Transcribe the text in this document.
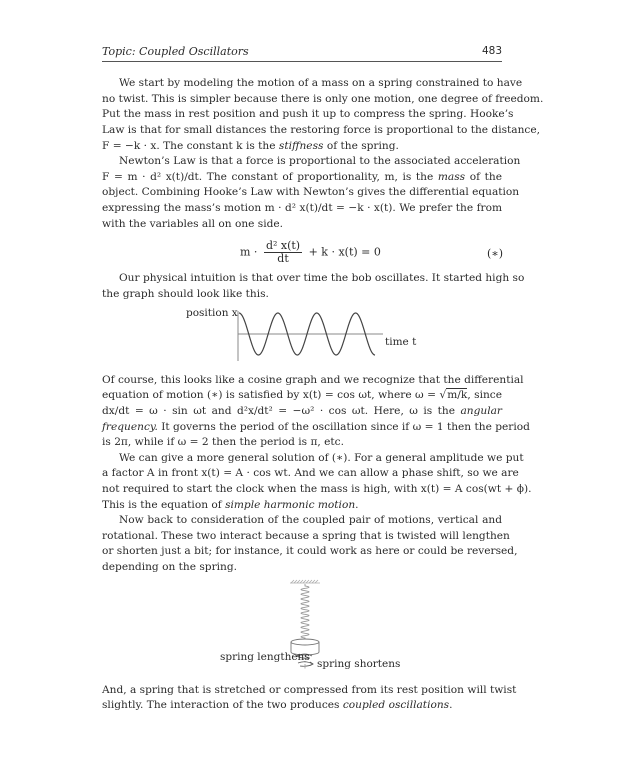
Topic: Coupled Oscillators	483
We start by modeling the motion of a mass on a spring constrained to have
no twist. This is simpler because there is only one motion, one degree of freedom.
Put the mass in rest position and push it up to compress the spring. Hooke’s
Law is that for small distances the restoring force is proportional to the distance,
F = −k · x. The constant k is the stiffness of the spring.
Newton’s Law is that a force is proportional to the associated acceleration
F = m · d² x(t)/dt. The constant of proportionality, m, is the mass of the
object. Combining Hooke’s Law with Newton’s gives the differential equation
expressing the mass’s motion m · d² x(t)/dt = −k · x(t). We prefer the from
with the variables all on one side.
$m \cdot \frac{\text{d² x(t)}}{dt} + k \cdot x(t) = 0$	(∗)
Our physical intuition is that over time the bob oscillates. It started high so
the graph should look like this.
position x
time t
Of course, this looks like a cosine graph and we recognize that the differential
equation of motion (∗) is satisfied by x(t) = cos ωt, where ω = √m/k, since
dx/dt = ω · sin ωt and d²x/dt² = −ω² · cos ωt. Here, ω is the angular
frequency. It governs the period of the oscillation since if ω = 1 then the period
is 2π, while if ω = 2 then the period is π, etc.
We can give a more general solution of (∗). For a general amplitude we put
a factor A in front x(t) = A · cos wt. And we can allow a phase shift, so we are
not required to start the clock when the mass is high, with x(t) = A cos(wt + ϕ).
This is the equation of simple harmonic motion.
Now back to consideration of the coupled pair of motions, vertical and
rotational. These two interact because a spring that is twisted will lengthen
or shorten just a bit; for instance, it could work as here or could be reversed,
depending on the spring.
spring lengthens
spring shortens
And, a spring that is stretched or compressed from its rest position will twist
slightly. The interaction of the two produces coupled oscillations.
